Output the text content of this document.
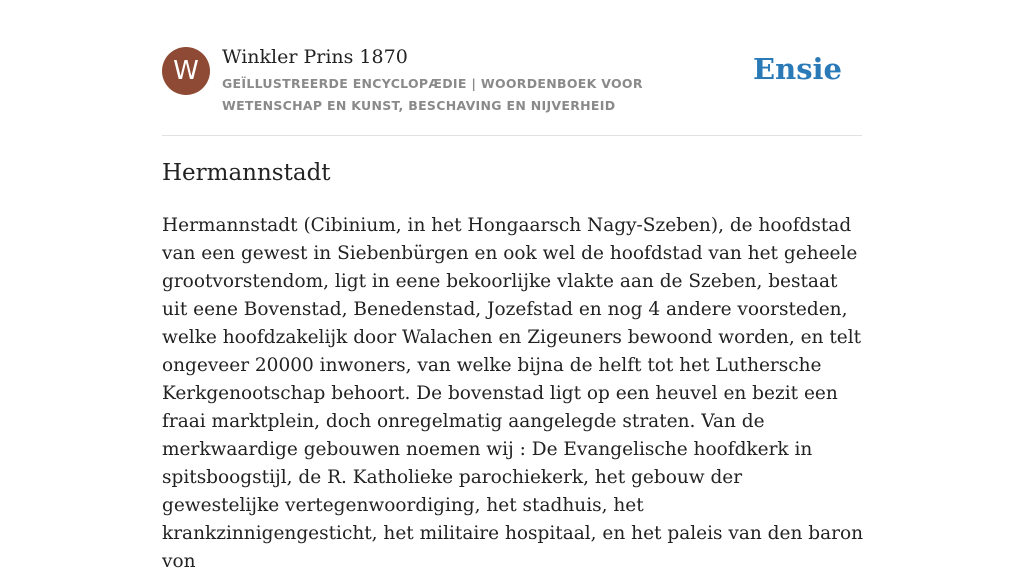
W	Winkler Prins 1870
GEÏLLUSTREERDE ENCYCLOPÆDIE | WOORDENBOEK VOOR WETENSCHAP EN KUNST, BESCHAVING EN NIJVERHEID
Ensie
Hermannstadt

Hermannstadt (Cibinium, in het Hongaarsch Nagy-Szeben), de hoofdstad van een gewest in Siebenbürgen en ook wel de hoofdstad van het geheele grootvorstendom, ligt in eene bekoorlijke vlakte aan de Szeben, bestaat uit eene Bovenstad, Benedenstad, Jozefstad en nog 4 andere voorsteden, welke hoofdzakelijk door Walachen en Zigeuners bewoond worden, en telt ongeveer 20000 inwoners, van welke bijna de helft tot het Luthersche Kerkgenootschap behoort. De bovenstad ligt op een heuvel en bezit een fraai marktplein, doch onregelmatig aangelegde straten. Van de merkwaardige gebouwen noemen wij : De Evangelische hoofdkerk in spitsboogstijl, de R. Katholieke parochiekerk, het gebouw der gewestelijke vertegenwoordiging, het stadhuis, het krankzinnigengesticht, het militaire hospitaal, en het paleis van den baron von
